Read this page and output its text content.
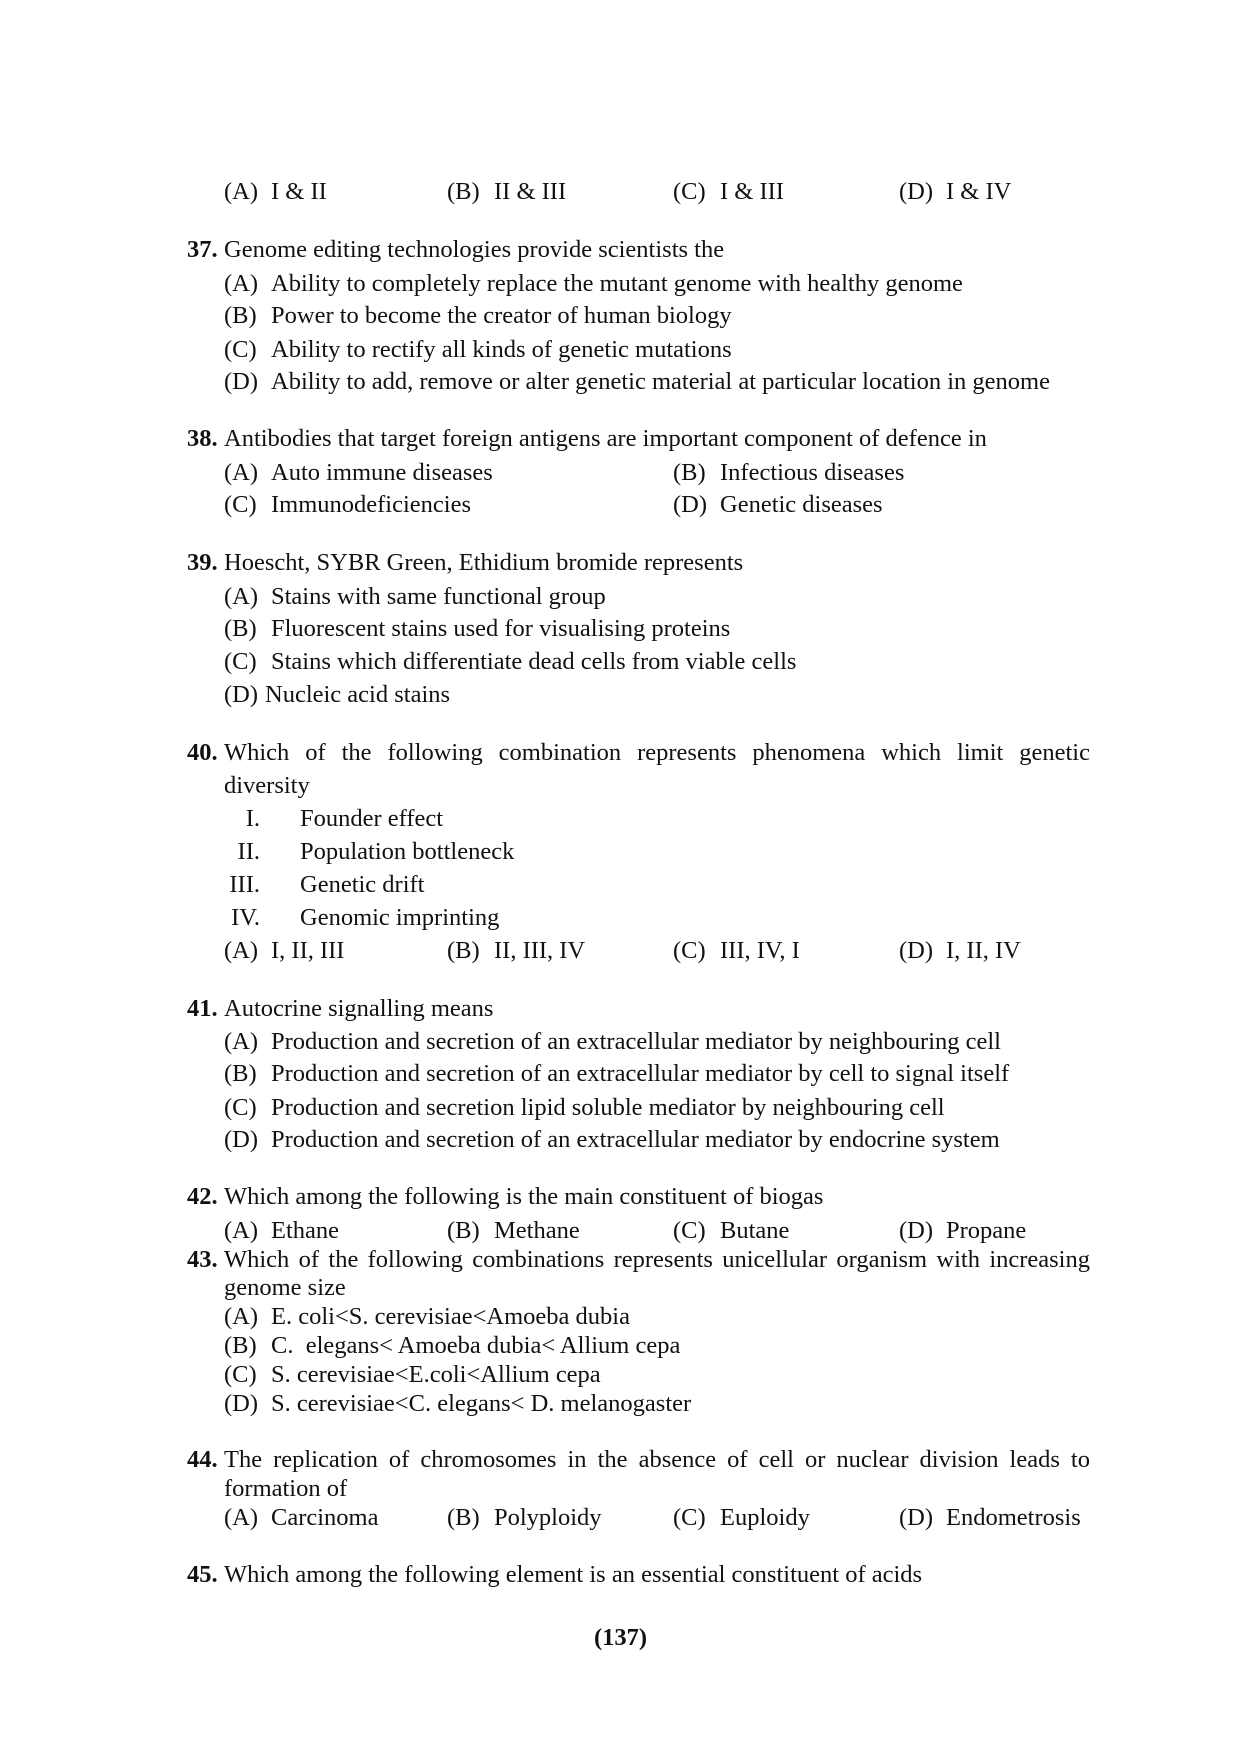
(A) I & II	(B) II & III	(C) I & III	(D) I & IV
37. Genome editing technologies provide scientists the
(A) Ability to completely replace the mutant genome with healthy genome
(B) Power to become the creator of human biology
(C) Ability to rectify all kinds of genetic mutations
(D) Ability to add, remove or alter genetic material at particular location in genome
38. Antibodies that target foreign antigens are important component of defence in
(A) Auto immune diseases	(B) Infectious diseases
(C) Immunodeficiencies	(D) Genetic diseases
39. Hoescht, SYBR Green, Ethidium bromide represents
(A) Stains with same functional group
(B) Fluorescent stains used for visualising proteins
(C) Stains which differentiate dead cells from viable cells
(D) Nucleic acid stains
40. Which of the following combination represents phenomena which limit genetic
diversity
I. Founder effect
II. Population bottleneck
III. Genetic drift
IV. Genomic imprinting
(A) I, II, III	(B) II, III, IV	(C) III, IV, I	(D) I, II, IV
41. Autocrine signalling means
(A) Production and secretion of an extracellular mediator by neighbouring cell
(B) Production and secretion of an extracellular mediator by cell to signal itself
(C) Production and secretion lipid soluble mediator by neighbouring cell
(D) Production and secretion of an extracellular mediator by endocrine system
42. Which among the following is the main constituent of biogas
(A) Ethane	(B) Methane	(C) Butane	(D) Propane
43. Which of the following combinations represents unicellular organism with increasing
genome size
(A) E. coli<S. cerevisiae<Amoeba dubia
(B) C.  elegans< Amoeba dubia< Allium cepa
(C) S. cerevisiae<E.coli<Allium cepa
(D) S. cerevisiae<C. elegans< D. melanogaster
44. The replication of chromosomes in the absence of cell or nuclear division leads to
formation of
(A) Carcinoma	(B) Polyploidy	(C) Euploidy	(D) Endometrosis
45. Which among the following element is an essential constituent of acids
(137)
